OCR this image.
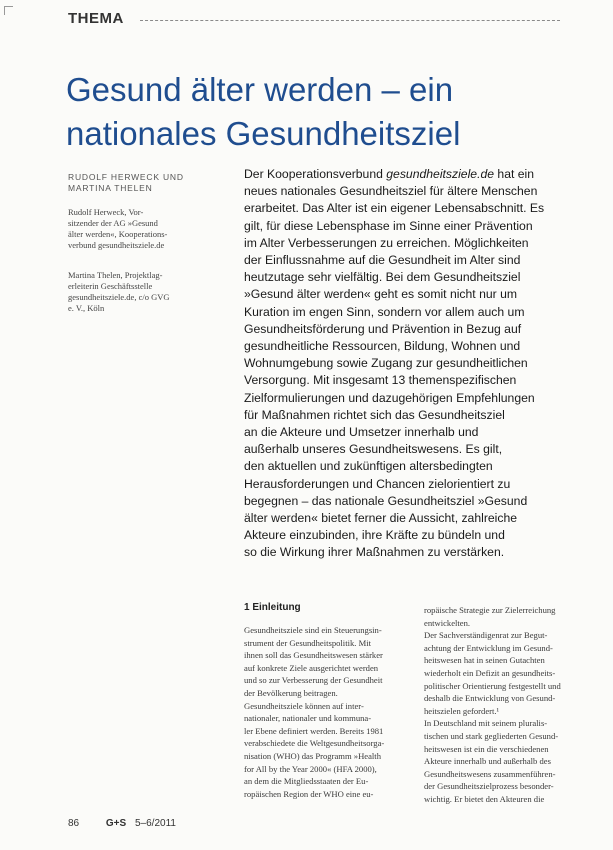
THEMA
Gesund älter werden – ein
nationales Gesundheitsziel
RUDOLF HERWECK UND
MARTINA THELEN
Rudolf Herweck, Vor-
sitzender der AG »Gesund
älter werden«, Kooperations-
verbund gesundheitsziele.de
Martina Thelen, Projektlag-
erleiterin Geschäftsstelle
gesundheitsziele.de, c/o GVG
e. V., Köln
Der Kooperationsverbund gesundheitsziele.de hat ein
neues nationales Gesundheitsziel für ältere Menschen
erarbeitet. Das Alter ist ein eigener Lebensabschnitt. Es
gilt, für diese Lebensphase im Sinne einer Prävention
im Alter Verbesserungen zu erreichen. Möglichkeiten
der Einflussnahme auf die Gesundheit im Alter sind
heutzutage sehr vielfältig. Bei dem Gesundheitsziel
»Gesund älter werden« geht es somit nicht nur um
Kuration im engen Sinn, sondern vor allem auch um
Gesundheitsförderung und Prävention in Bezug auf
gesundheitliche Ressourcen, Bildung, Wohnen und
Wohnumgebung sowie Zugang zur gesundheitlichen
Versorgung. Mit insgesamt 13 themenspezifischen
Zielformulierungen und dazugehörigen Empfehlungen
für Maßnahmen richtet sich das Gesundheitsziel
an die Akteure und Umsetzer innerhalb und
außerhalb unseres Gesundheitswesens. Es gilt,
den aktuellen und zukünftigen altersbedingten
Herausforderungen und Chancen zielorientiert zu
begegnen – das nationale Gesundheitsziel »Gesund
älter werden« bietet ferner die Aussicht, zahlreiche
Akteure einzubinden, ihre Kräfte zu bündeln und
so die Wirkung ihrer Maßnahmen zu verstärken.
1 Einleitung
Gesundheitsziele sind ein Steuerungsin-
strument der Gesundheitspolitik. Mit
ihnen soll das Gesundheitswesen stärker
auf konkrete Ziele ausgerichtet werden
und so zur Verbesserung der Gesundheit
der Bevölkerung beitragen.
Gesundheitsziele können auf inter-
nationaler, nationaler und kommuna-
ler Ebene definiert werden. Bereits 1981
verabschiedete die Weltgesundheitsorga-
nisation (WHO) das Programm »Health
for All by the Year 2000« (HFA 2000),
an dem die Mitgliedsstaaten der Eu-
ropäischen Region der WHO eine eu-
ropäische Strategie zur Zielerreichung
entwickelten.
Der Sachverständigenrat zur Begut-
achtung der Entwicklung im Gesund-
heitswesen hat in seinen Gutachten
wiederholt ein Defizit an gesundheits-
politischer Orientierung festgestellt und
deshalb die Entwicklung von Gesund-
heitszielen gefordert.¹
In Deutschland mit seinem pluralis-
tischen und stark gegliederten Gesund-
heitswesen ist ein die verschiedenen
Akteure innerhalb und außerhalb des
Gesundheitswesens zusammenführen-
der Gesundheitszielprozess besonder-
wichtig. Er bietet den Akteuren die
86	G+S 5–6/2011
